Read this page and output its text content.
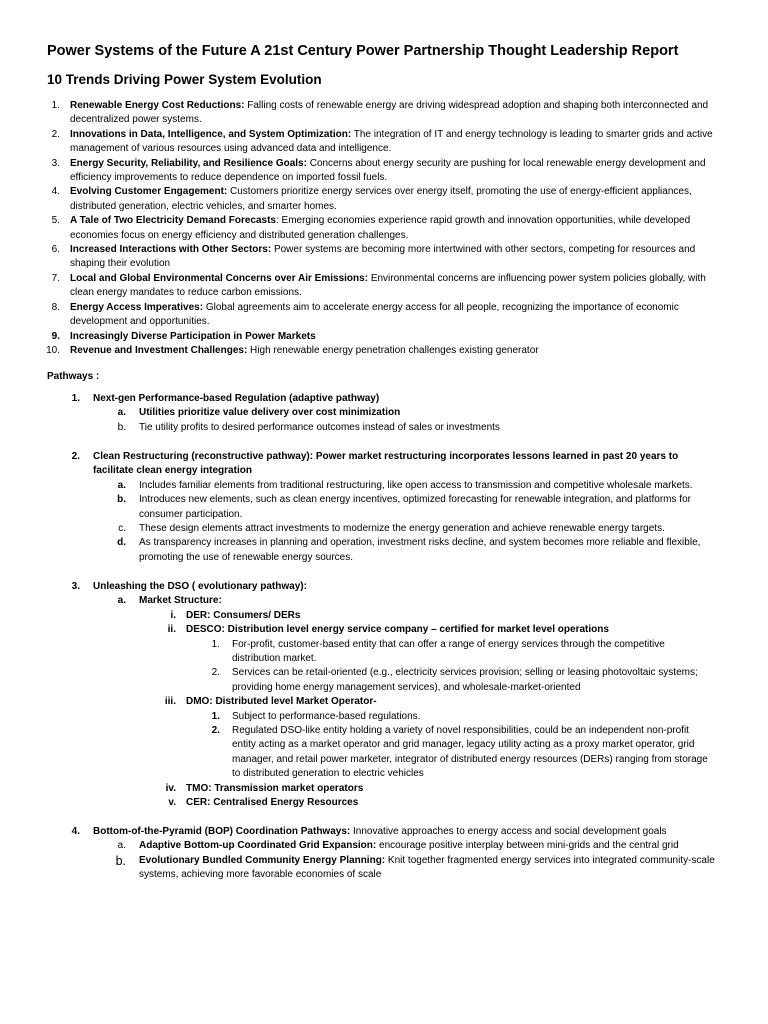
Power Systems of the Future A 21st Century Power Partnership Thought Leadership Report
10 Trends Driving Power System Evolution
1. Renewable Energy Cost Reductions: Falling costs of renewable energy are driving widespread adoption and shaping both interconnected and decentralized power systems.
2. Innovations in Data, Intelligence, and System Optimization: The integration of IT and energy technology is leading to smarter grids and active management of various resources using advanced data and intelligence.
3. Energy Security, Reliability, and Resilience Goals: Concerns about energy security are pushing for local renewable energy development and efficiency improvements to reduce dependence on imported fossil fuels.
4. Evolving Customer Engagement: Customers prioritize energy services over energy itself, promoting the use of energy-efficient appliances, distributed generation, electric vehicles, and smarter homes.
5. A Tale of Two Electricity Demand Forecasts: Emerging economies experience rapid growth and innovation opportunities, while developed economies focus on energy efficiency and distributed generation challenges.
6. Increased Interactions with Other Sectors: Power systems are becoming more intertwined with other sectors, competing for resources and shaping their evolution
7. Local and Global Environmental Concerns over Air Emissions: Environmental concerns are influencing power system policies globally, with clean energy mandates to reduce carbon emissions.
8. Energy Access Imperatives: Global agreements aim to accelerate energy access for all people, recognizing the importance of economic development and opportunities.
9. Increasingly Diverse Participation in Power Markets
10. Revenue and Investment Challenges: High renewable energy penetration challenges existing generator
Pathways :
1. Next-gen Performance-based Regulation (adaptive pathway)
a. Utilities prioritize value delivery over cost minimization
b. Tie utility profits to desired performance outcomes instead of sales or investments
2. Clean Restructuring (reconstructive pathway): Power market restructuring incorporates lessons learned in past 20 years to facilitate clean energy integration
a. Includes familiar elements from traditional restructuring, like open access to transmission and competitive wholesale markets.
b. Introduces new elements, such as clean energy incentives, optimized forecasting for renewable integration, and platforms for consumer participation.
c. These design elements attract investments to modernize the energy generation and achieve renewable energy targets.
d. As transparency increases in planning and operation, investment risks decline, and system becomes more reliable and flexible, promoting the use of renewable energy sources.
3. Unleashing the DSO ( evolutionary pathway):
a. Market Structure:
i. DER: Consumers/ DERs
ii. DESCO: Distribution level energy service company – certified for market level operations
1. For-profit, customer-based entity that can offer a range of energy services through the competitive distribution market.
2. Services can be retail-oriented (e.g., electricity services provision; selling or leasing photovoltaic systems; providing home energy management services), and wholesale-market-oriented
iii. DMO: Distributed level Market Operator-
1. Subject to performance-based regulations.
2. Regulated DSO-like entity holding a variety of novel responsibilities, could be an independent non-profit entity acting as a market operator and grid manager, legacy utility acting as a proxy market operator, grid manager, and retail power marketer, integrator of distributed energy resources (DERs) ranging from storage to distributed generation to electric vehicles
iv. TMO: Transmission market operators
v. CER: Centralised Energy Resources
4. Bottom-of-the-Pyramid (BOP) Coordination Pathways: Innovative approaches to energy access and social development goals
a. Adaptive Bottom-up Coordinated Grid Expansion: encourage positive interplay between mini-grids and the central grid
b. Evolutionary Bundled Community Energy Planning: Knit together fragmented energy services into integrated community-scale systems, achieving more favorable economies of scale
